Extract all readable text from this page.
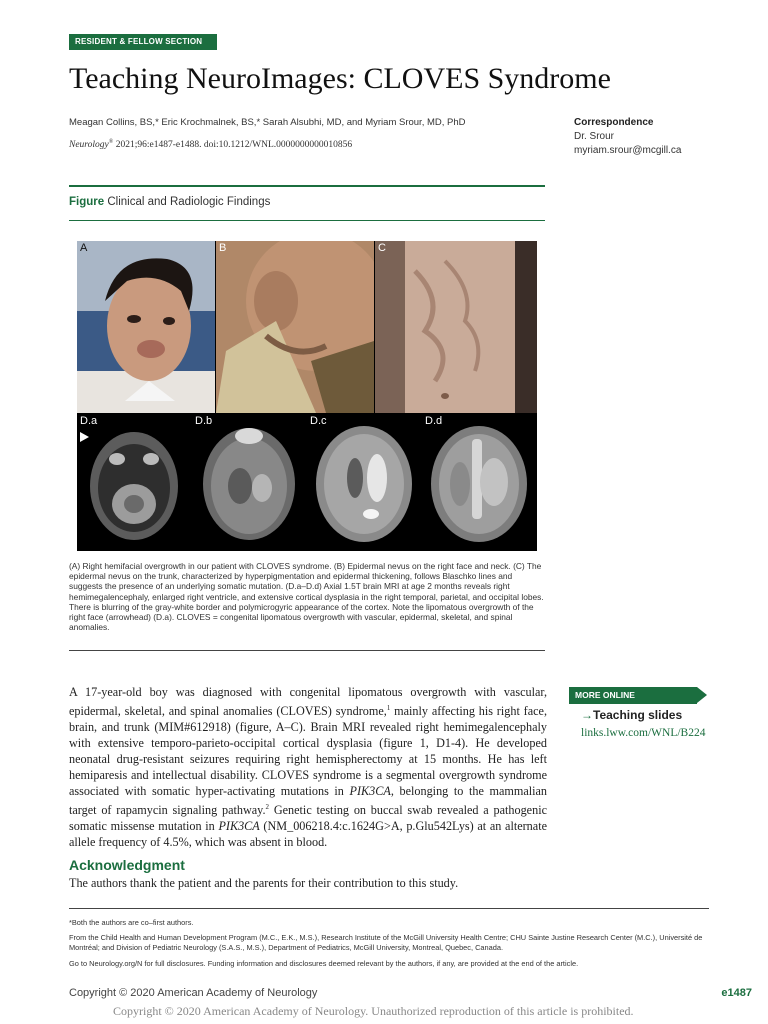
RESIDENT & FELLOW SECTION
Teaching NeuroImages: CLOVES Syndrome
Meagan Collins, BS,* Eric Krochmalnek, BS,* Sarah Alsubhi, MD, and Myriam Srour, MD, PhD
Neurology® 2021;96:e1487-e1488. doi:10.1212/WNL.0000000000010856
Correspondence
Dr. Srour
myriam.srour@mcgill.ca
Figure Clinical and Radiologic Findings
A	B	C
D.a	D.b	D.c	D.d
(A) Right hemifacial overgrowth in our patient with CLOVES syndrome. (B) Epidermal nevus on the right face and neck. (C) The epidermal nevus on the trunk, characterized by hyperpigmentation and epidermal thickening, follows Blaschko lines and suggests the presence of an underlying somatic mutation. (D.a–D.d) Axial 1.5T brain MRI at age 2 months reveals right hemimegalencephaly, enlarged right ventricle, and extensive cortical dysplasia in the right temporal, parietal, and occipital lobes. There is blurring of the gray-white border and polymicrogyric appearance of the cortex. Note the lipomatous overgrowth of the right face (arrowhead) (D.a). CLOVES = congenital lipomatous overgrowth with vascular, epidermal, skeletal, and spinal anomalies.
A 17-year-old boy was diagnosed with congenital lipomatous overgrowth with vascular, epidermal, skeletal, and spinal anomalies (CLOVES) syndrome,$^1$ mainly affecting his right face, brain, and trunk (MIM#612918) (figure, A–C). Brain MRI revealed right hemimegalencephaly with extensive temporo-parieto-occipital cortical dysplasia (figure 1, D1-4). He developed neonatal drug-resistant seizures requiring right hemispherectomy at 15 months. He has left hemiparesis and intellectual disability. CLOVES syndrome is a segmental overgrowth syndrome associated with somatic hyper-activating mutations in PIK3CA, belonging to the mammalian target of rapamycin signaling pathway.$^2$ Genetic testing on buccal swab revealed a pathogenic somatic missense mutation in PIK3CA (NM_006218.4:c.1624G>A, p.Glu542Lys) at an alternate allele frequency of 4.5%, which was absent in blood.
Acknowledgment
The authors thank the patient and the parents for their contribution to this study.
MORE ONLINE
→Teaching slides
links.lww.com/WNL/B224
*Both the authors are co–first authors.
From the Child Health and Human Development Program (M.C., E.K., M.S.), Research Institute of the McGill University Health Centre; CHU Sainte Justine Research Center (M.C.), Université de Montréal; and Division of Pediatric Neurology (S.A.S., M.S.), Department of Pediatrics, McGill University, Montreal, Quebec, Canada.
Go to Neurology.org/N for full disclosures. Funding information and disclosures deemed relevant by the authors, if any, are provided at the end of the article.
Copyright © 2020 American Academy of Neurology	e1487
Copyright © 2020 American Academy of Neurology. Unauthorized reproduction of this article is prohibited.
